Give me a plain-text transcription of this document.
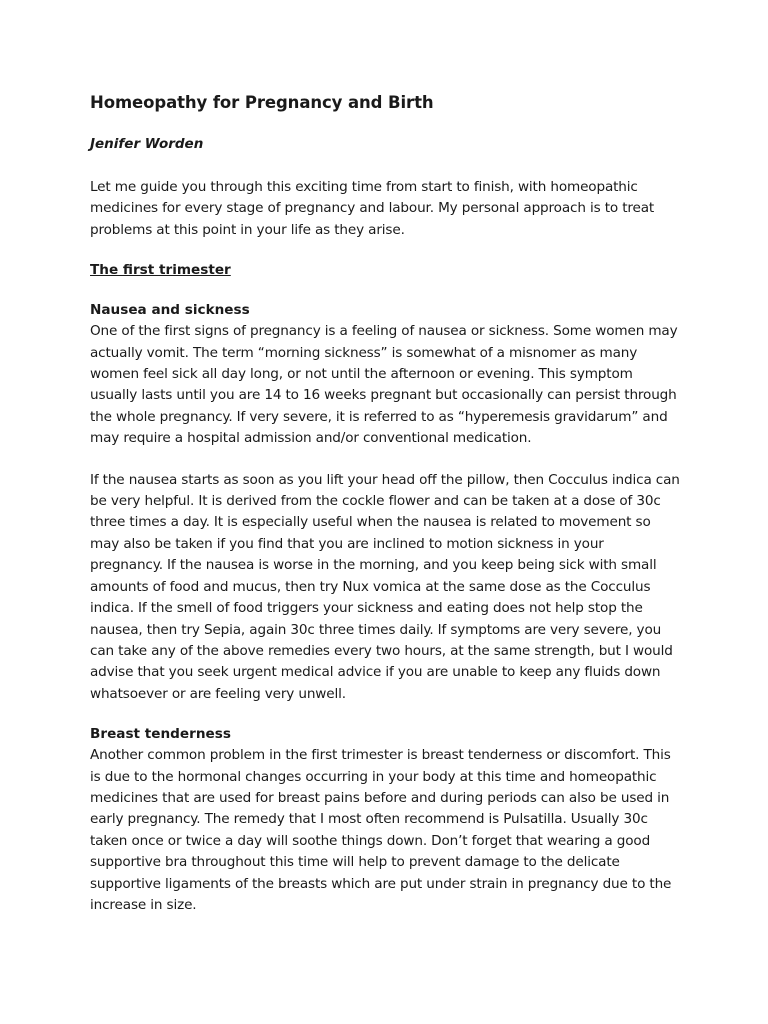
Homeopathy for Pregnancy and Birth

Jenifer Worden

Let me guide you through this exciting time from start to finish, with homeopathic medicines for every stage of pregnancy and labour. My personal approach is to treat problems at this point in your life as they arise.

The first trimester
Nausea and sickness

One of the first signs of pregnancy is a feeling of nausea or sickness. Some women may actually vomit. The term “morning sickness” is somewhat of a misnomer as many women feel sick all day long, or not until the afternoon or evening. This symptom usually lasts until you are 14 to 16 weeks pregnant but occasionally can persist through the whole pregnancy. If very severe, it is referred to as “hyperemesis gravidarum” and may require a hospital admission and/or conventional medication.

If the nausea starts as soon as you lift your head off the pillow, then Cocculus indica can be very helpful. It is derived from the cockle flower and can be taken at a dose of 30c three times a day. It is especially useful when the nausea is related to movement so may also be taken if you find that you are inclined to motion sickness in your pregnancy. If the nausea is worse in the morning, and you keep being sick with small amounts of food and mucus, then try Nux vomica at the same dose as the Cocculus indica. If the smell of food triggers your sickness and eating does not help stop the nausea, then try Sepia, again 30c three times daily. If symptoms are very severe, you can take any of the above remedies every two hours, at the same strength, but I would advise that you seek urgent medical advice if you are unable to keep any fluids down whatsoever or are feeling very unwell.

Breast tenderness

Another common problem in the first trimester is breast tenderness or discomfort. This is due to the hormonal changes occurring in your body at this time and homeopathic medicines that are used for breast pains before and during periods can also be used in early pregnancy. The remedy that I most often recommend is Pulsatilla. Usually 30c taken once or twice a day will soothe things down. Don’t forget that wearing a good supportive bra throughout this time will help to prevent damage to the delicate supportive ligaments of the breasts which are put under strain in pregnancy due to the increase in size.
